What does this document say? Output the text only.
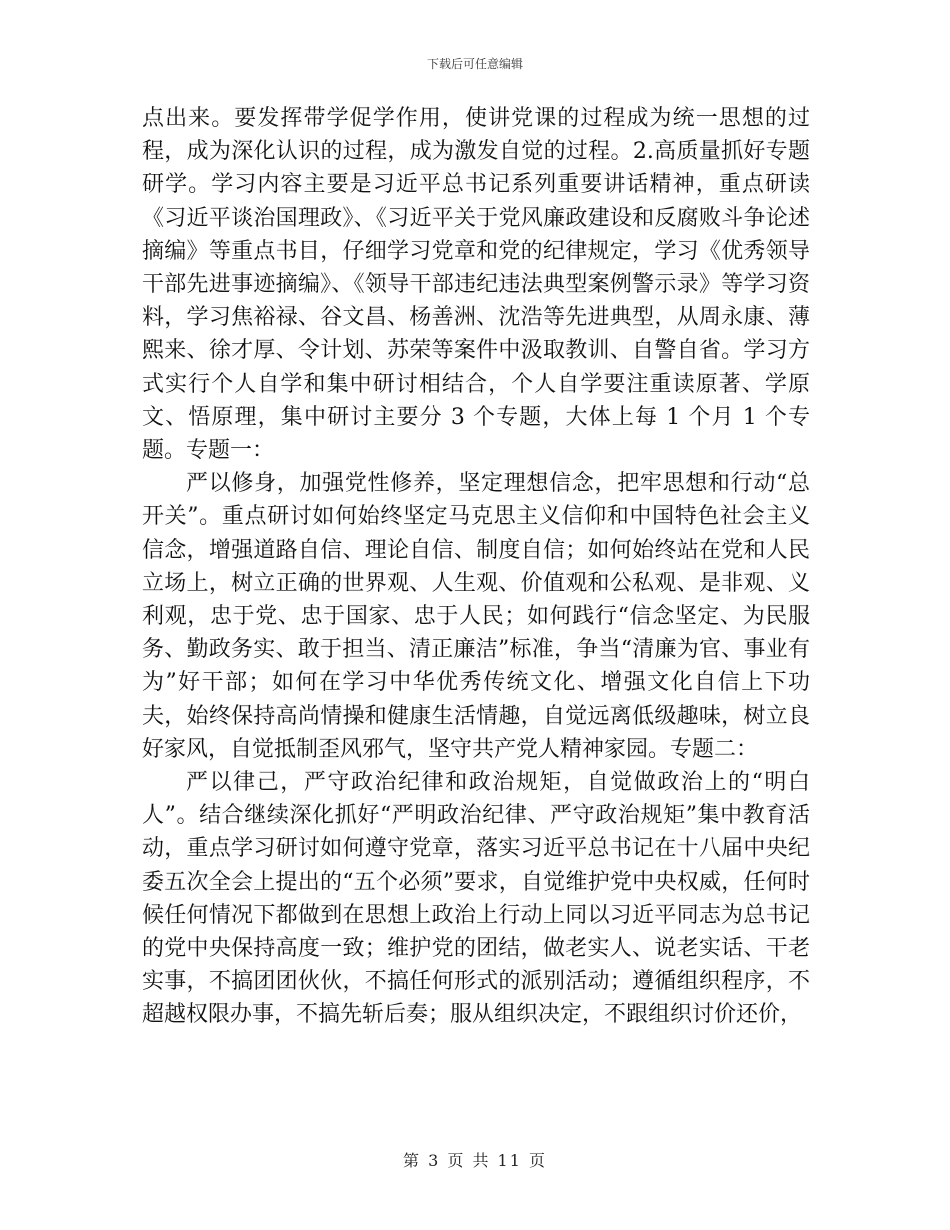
下载后可任意编辑

点出来。要发挥带学促学作用，使讲党课的过程成为统一思想的过程，成为深化认识的过程，成为激发自觉的过程。2.高质量抓好专题研学。学习内容主要是习近平总书记系列重要讲话精神，重点研读《习近平谈治国理政》、《习近平关于党风廉政建设和反腐败斗争论述摘编》等重点书目，仔细学习党章和党的纪律规定，学习《优秀领导干部先进事迹摘编》、《领导干部违纪违法典型案例警示录》等学习资料，学习焦裕禄、谷文昌、杨善洲、沈浩等先进典型，从周永康、薄熙来、徐才厚、令计划、苏荣等案件中汲取教训、自警自省。学习方式实行个人自学和集中研讨相结合，个人自学要注重读原著、学原文、悟原理，集中研讨主要分 3 个专题，大体上每 1 个月 1 个专题。专题一：

严以修身，加强党性修养，坚定理想信念，把牢思想和行动“总开关”。重点研讨如何始终坚定马克思主义信仰和中国特色社会主义信念，增强道路自信、理论自信、制度自信；如何始终站在党和人民立场上，树立正确的世界观、人生观、价值观和公私观、是非观、义利观，忠于党、忠于国家、忠于人民；如何践行“信念坚定、为民服务、勤政务实、敢于担当、清正廉洁”标准，争当“清廉为官、事业有为”好干部；如何在学习中华优秀传统文化、增强文化自信上下功夫，始终保持高尚情操和健康生活情趣，自觉远离低级趣味，树立良好家风，自觉抵制歪风邪气，坚守共产党人精神家园。专题二：

严以律己，严守政治纪律和政治规矩，自觉做政治上的“明白人”。结合继续深化抓好“严明政治纪律、严守政治规矩”集中教育活动，重点学习研讨如何遵守党章，落实习近平总书记在十八届中央纪委五次全会上提出的“五个必须”要求，自觉维护党中央权威，任何时候任何情况下都做到在思想上政治上行动上同以习近平同志为总书记的党中央保持高度一致；维护党的团结，做老实人、说老实话、干老实事，不搞团团伙伙，不搞任何形式的派别活动；遵循组织程序，不超越权限办事，不搞先斩后奏；服从组织决定，不跟组织讨价还价，

第 3 页 共 11 页
